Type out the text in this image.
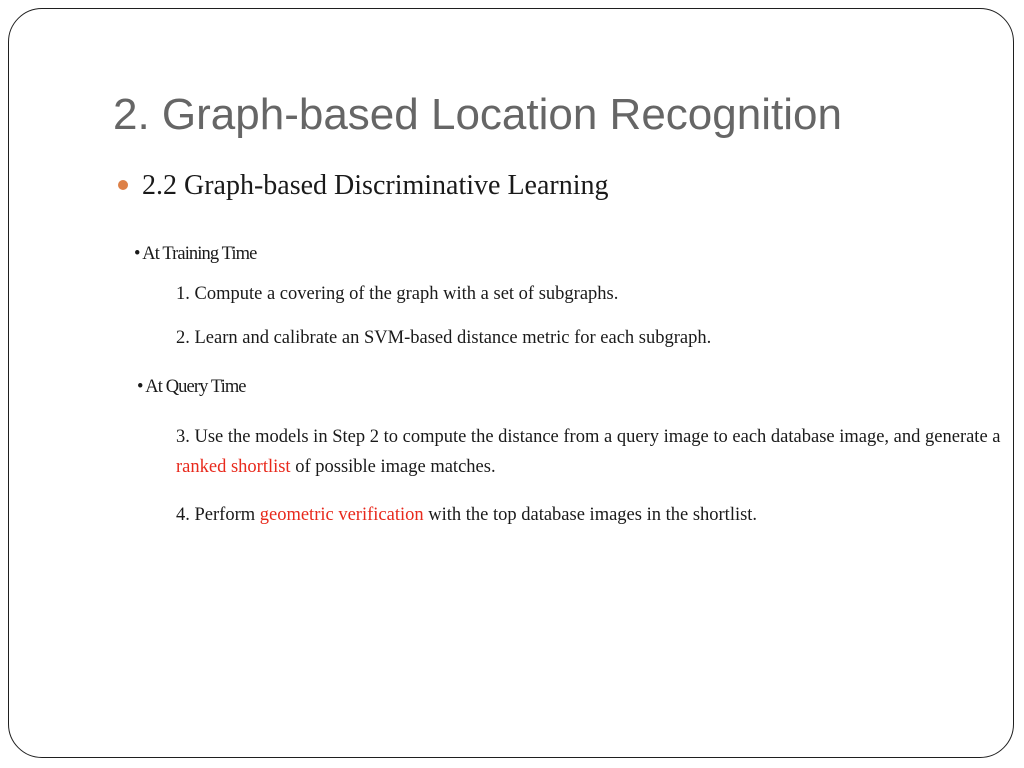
2. Graph-based Location Recognition
2.2 Graph-based Discriminative Learning
• At Training Time
1. Compute a covering of the graph with a set of subgraphs.
2. Learn and calibrate an SVM-based distance metric for each subgraph.
• At Query Time
3. Use the models in Step 2 to compute the distance from a query image to each database image, and generate a ranked shortlist of possible image matches.
4. Perform geometric verification with the top database images in the shortlist.
